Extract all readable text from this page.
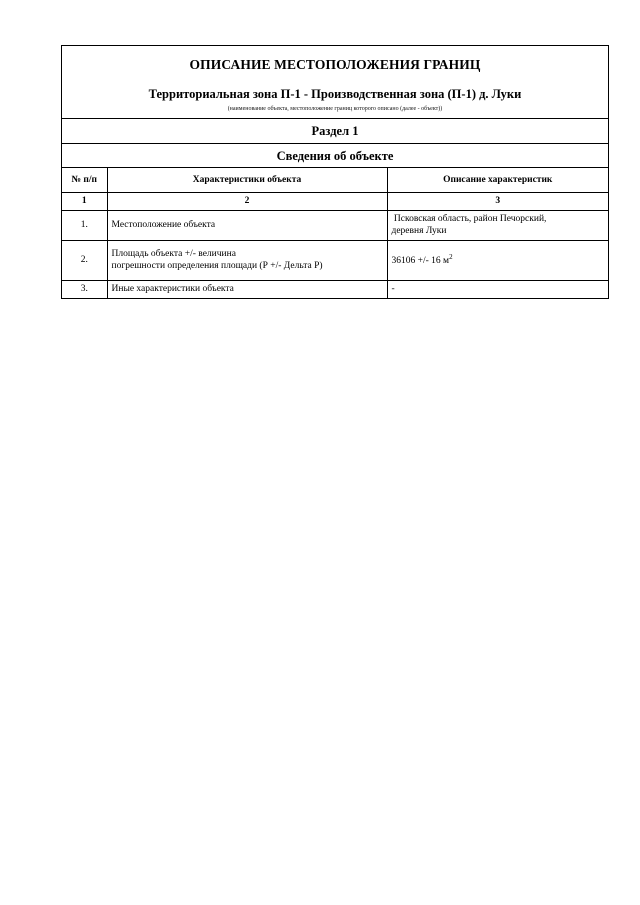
ОПИСАНИЕ МЕСТОПОЛОЖЕНИЯ ГРАНИЦ
Территориальная зона П-1 - Производственная зона (П-1) д. Луки
(наименование объекта, местоположение границ которого описано (далее - объект))
Раздел 1
Сведения об объекте
№ п/п	Характеристики объекта	Описание характеристик
1	2	3
1.	Местоположение объекта	Псковская область, район Печорский,
деревня Луки

2.	Площадь объекта +/- величина
погрешности определения площади (Р +/- Дельта Р)	36106 +/- 16 $м^2$
3.	Иные характеристики объекта	-
